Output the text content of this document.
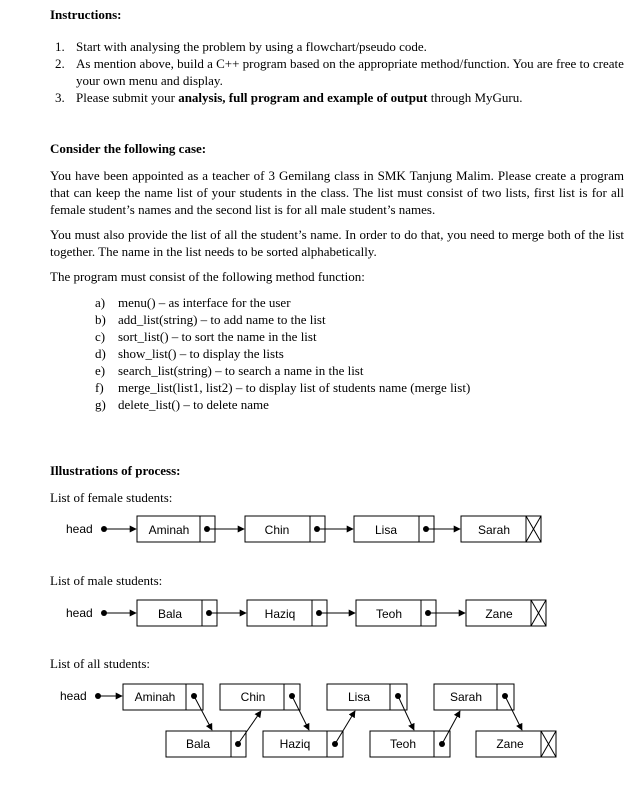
Instructions:
1. Start with analysing the problem by using a flowchart/pseudo code.
2. As mention above, build a C++ program based on the appropriate method/function. You are free to create your own menu and display.
3. Please submit your analysis, full program and example of output through MyGuru.
Consider the following case:

You have been appointed as a teacher of 3 Gemilang class in SMK Tanjung Malim. Please create a program that can keep the name list of your students in the class. The list must consist of two lists, first list is for all female student’s names and the second list is for all male student’s names.

You must also provide the list of all the student’s name. In order to do that, you need to merge both of the list together. The name in the list needs to be sorted alphabetically.

The program must consist of the following method function:

a) menu() – as interface for the user
b) add_list(string) – to add name to the list
c) sort_list() – to sort the name in the list
d) show_list() – to display the lists
e) search_list(string) – to search a name in the list
f) merge_list(list1, list2) – to display list of students name (merge list)
g) delete_list() – to delete name
Illustrations of process:
List of female students:
List of male students:
List of all students:
head	Aminah	Chin	Lisa	Sarah
head	Bala	Haziq	Teoh	Zane
head	Aminah	Chin	Lisa	Sarah
Bala	Haziq	Teoh	Zane
